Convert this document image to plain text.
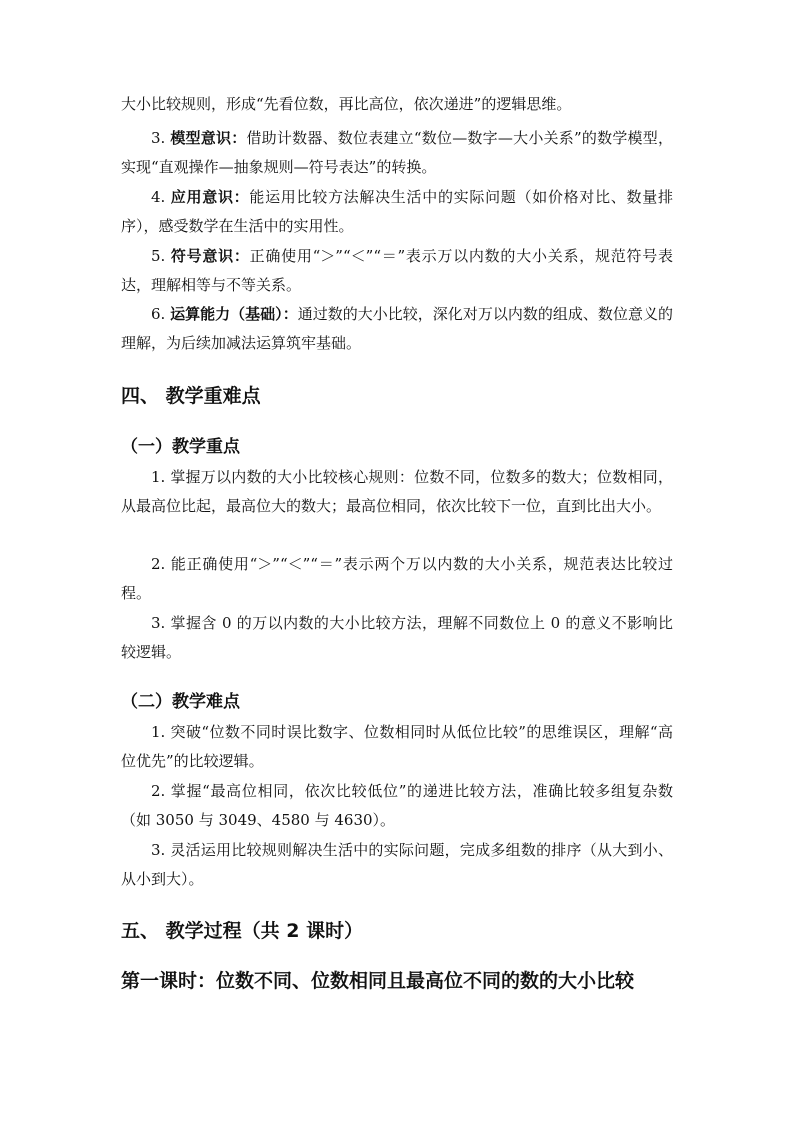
大小比较规则，形成“先看位数，再比高位，依次递进”的逻辑思维。

3. 模型意识：借助计数器、数位表建立“数位—数字—大小关系”的数学模型，实现“直观操作—抽象规则—符号表达”的转换。

4. 应用意识：能运用比较方法解决生活中的实际问题（如价格对比、数量排序），感受数学在生活中的实用性。

5. 符号意识：正确使用“＞”“＜”“＝”表示万以内数的大小关系，规范符号表达，理解相等与不等关系。

6. 运算能力（基础）：通过数的大小比较，深化对万以内数的组成、数位意义的理解，为后续加减法运算筑牢基础。

四、 教学重难点
（一）教学重点

1. 掌握万以内数的大小比较核心规则：位数不同，位数多的数大；位数相同，从最高位比起，最高位大的数大；最高位相同，依次比较下一位，直到比出大小。

2. 能正确使用“＞”“＜”“＝”表示两个万以内数的大小关系，规范表达比较过程。

3. 掌握含 0 的万以内数的大小比较方法，理解不同数位上 0 的意义不影响比较逻辑。

（二）教学难点

1. 突破“位数不同时误比数字、位数相同时从低位比较”的思维误区，理解“高位优先”的比较逻辑。

2. 掌握“最高位相同，依次比较低位”的递进比较方法，准确比较多组复杂数（如 3050 与 3049、4580 与 4630）。

3. 灵活运用比较规则解决生活中的实际问题，完成多组数的排序（从大到小、从小到大）。

五、 教学过程（共 2 课时）
第一课时：位数不同、位数相同且最高位不同的数的大小比较
